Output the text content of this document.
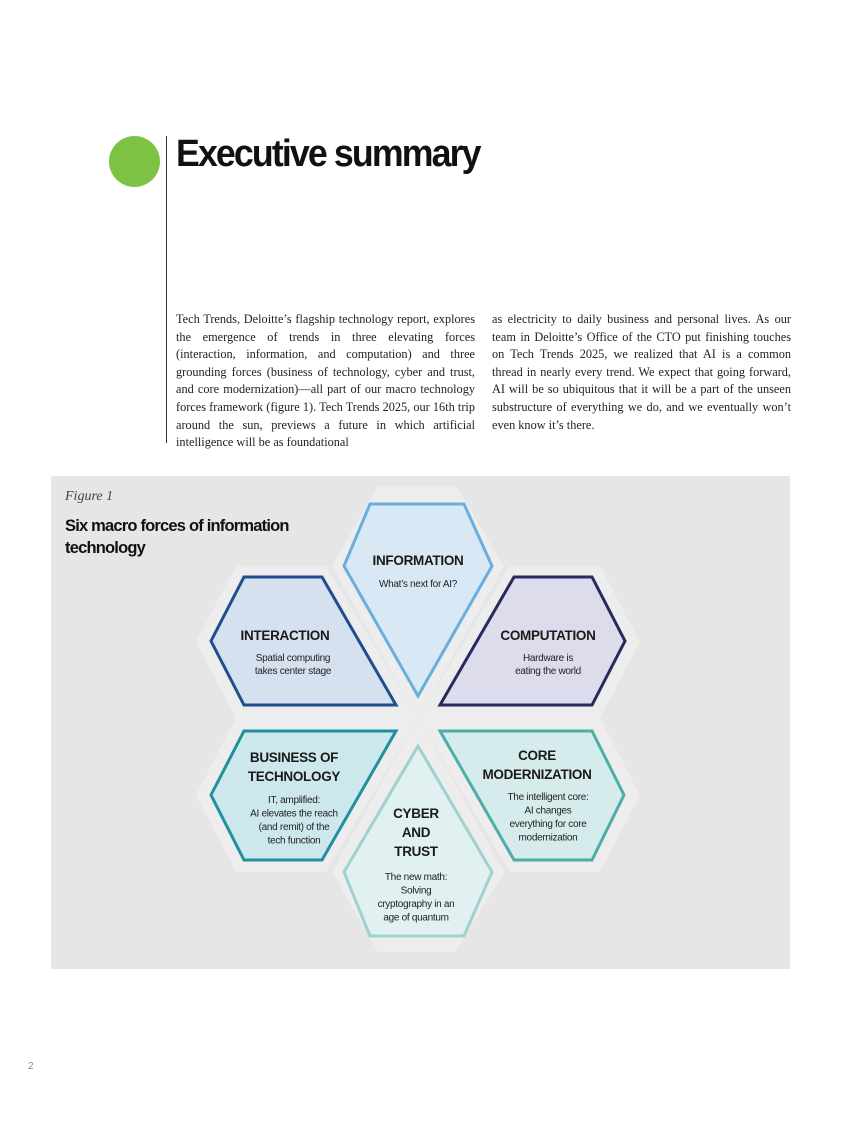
Executive summary

Tech Trends, Deloitte’s flagship technology report, explores the emergence of trends in three elevating forces (interaction, information, and computation) and three grounding forces (business of technology, cyber and trust, and core modernization)—all part of our macro technology forces framework (figure 1). Tech Trends 2025, our 16th trip around the sun, previews a future in which artificial intelligence will be as foundational

as electricity to daily business and personal lives. As our team in Deloitte’s Office of the CTO put finishing touches on Tech Trends 2025, we realized that AI is a common thread in nearly every trend. We expect that going forward, AI will be so ubiquitous that it will be a part of the unseen substructure of everything we do, and we eventually won’t even know it’s there.

Figure 1
Six macro forces of information technology
INFORMATION
What’s next for AI?
INTERACTION
Spatial computing
takes center stage
COMPUTATION
Hardware is
eating the world
BUSINESS OF
TECHNOLOGY
IT, amplified:
AI elevates the reach
(and remit) of the
tech function
CORE
MODERNIZATION
The intelligent core:
AI changes
everything for core
modernization
CYBER
AND
TRUST
The new math:
Solving
cryptography in an
age of quantum
2
